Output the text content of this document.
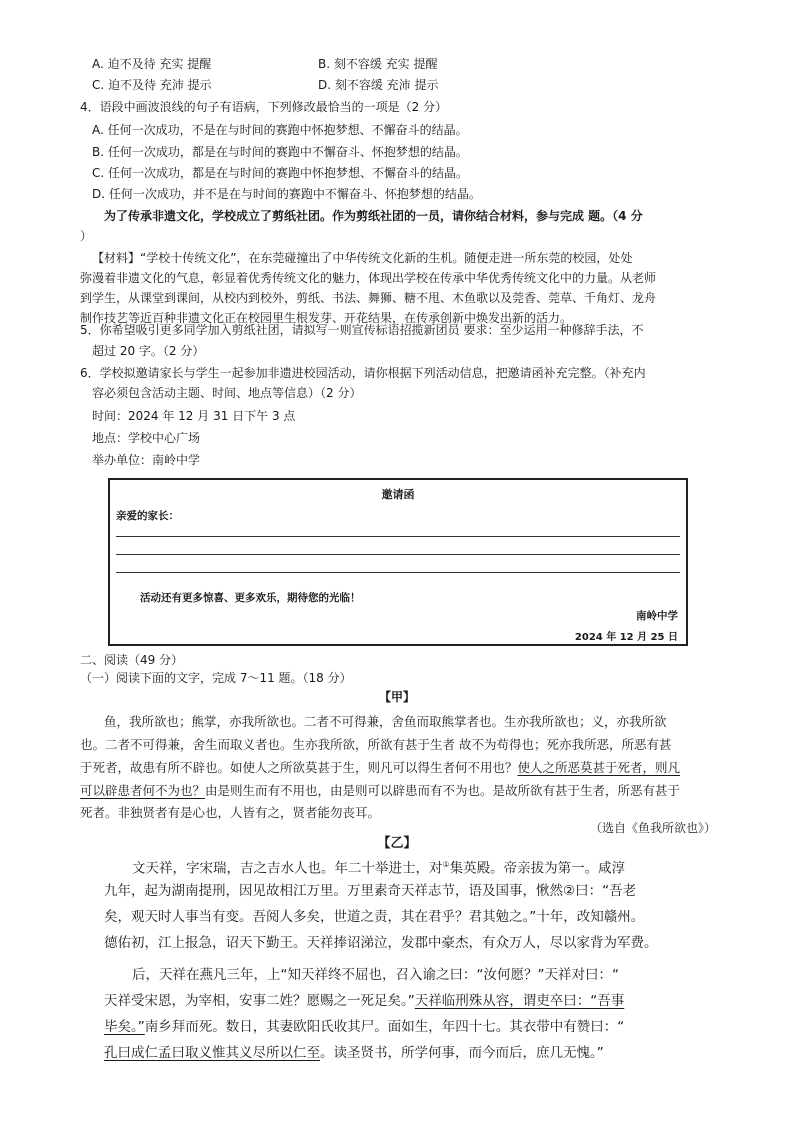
A. 迫不及待 充实 提醒	B. 刻不容缓 充实 提醒
C. 迫不及待 充沛 提示	D. 刻不容缓 充沛 提示
4．语段中画波浪线的句子有语病，下列修改最恰当的一项是（2 分）
A. 任何一次成功，不是在与时间的赛跑中怀抱梦想、不懈奋斗的结晶。
B. 任何一次成功，都是在与时间的赛跑中不懈奋斗、怀抱梦想的结晶。
C. 任何一次成功，都是在与时间的赛跑中怀抱梦想、不懈奋斗的结晶。
D. 任何一次成功，并不是在与时间的赛跑中不懈奋斗、怀抱梦想的结晶。
为了传承非遗文化，学校成立了剪纸社团。作为剪纸社团的一员，请你结合材料，参与完成 题。（4 分
）
【材料】“学校十传统文化”，在东莞碰撞出了中华传统文化新的生机。随便走进一所东莞的校园，处处
弥漫着非遗文化的气息，彰显着优秀传统文化的魅力，体现出学校在传承中华优秀传统文化中的力量。从老师
到学生，从课堂到课间，从校内到校外，剪纸、书法、舞狮、糖不甩、木鱼歌以及莞香、莞草、千角灯、龙舟
制作技艺等近百种非遗文化正在校园里生根发芽、开花结果，在传承创新中焕发出新的活力。
5．你希望吸引更多同学加入剪纸社团，请拟写一则宣传标语招揽新团员 要求：至少运用一种修辞手法，不
超过 20 字。（2 分）
6．学校拟邀请家长与学生一起参加非遗进校园活动，请你根据下列活动信息，把邀请函补充完整。（补充内
容必须包含活动主题、时间、地点等信息）（2 分）
时间：2024 年 12 月 31 日下午 3 点
地点：学校中心广场
举办单位：南岭中学
邀请函
亲爱的家长：
活动还有更多惊喜、更多欢乐，期待您的光临！
南岭中学
2024 年 12 月 25 日
二、阅读（49 分）
（一）阅读下面的文字，完成 7～11 题。（18 分）
【甲】
鱼，我所欲也；熊掌，亦我所欲也。二者不可得兼，舍鱼而取熊掌者也。生亦我所欲也；义，亦我所欲
也。二者不可得兼，舍生而取义者也。生亦我所欲，所欲有甚于生者 故不为苟得也；死亦我所恶，所恶有甚
于死者，故患有所不辟也。如使人之所欲莫甚于生，则凡可以得生者何不用也？使人之所恶莫甚于死者，则凡
可以辟患者何不为也？由是则生而有不用也，由是则可以辟患而有不为也。是故所欲有甚于生者，所恶有甚于
死者。非独贤者有是心也，人皆有之，贤者能勿丧耳。
（选自《鱼我所欲也》）
【乙】
文天祥，字宋瑞，吉之吉水人也。年二十举进士，对①集英殿。帝亲拔为第一。咸淳
九年，起为湖南提刑，因见故相江万里。万里素奇天祥志节，语及国事，愀然②曰：“吾老
矣，观天时人事当有变。吾阅人多矣，世道之责，其在君乎？君其勉之。”十年，改知赣州。
德佑初，江上报急，诏天下勤王。天祥捧诏涕泣，发郡中豪杰，有众万人，尽以家背为军费。
后，天祥在燕凡三年，上“知天祥终不屈也，召入谕之曰：“汝何愿？”天祥对曰：“
天祥受宋恩，为宰相，安事二姓？愿赐之一死足矣。”天祥临刑殊从容，谓吏卒曰：“吾事
毕矣。”南乡拜而死。数日，其妻欧阳氏收其尸。面如生，年四十七。其衣带中有赞曰：“
孔曰成仁孟曰取义惟其义尽所以仁至。读圣贤书，所学何事，而今而后，庶几无愧。”
